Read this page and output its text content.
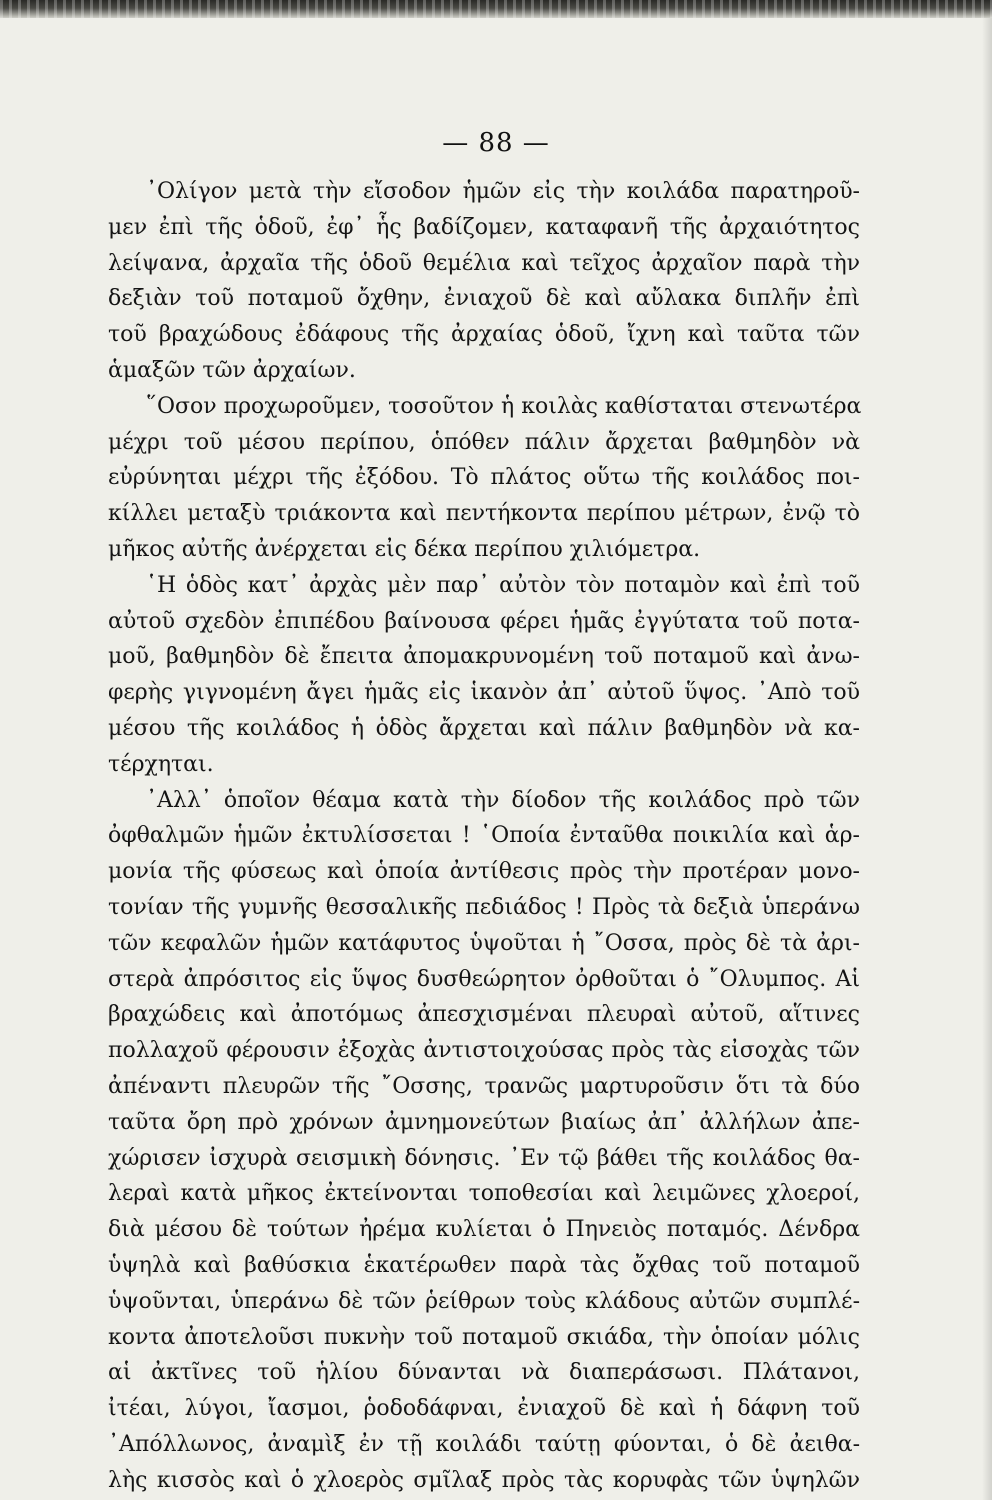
— 88 —

᾿Ολίγον μετὰ τὴν εἴσοδον ἡμῶν εἰς τὴν κοιλάδα παρατηροῦ-
μεν ἐπὶ τῆς ὁδοῦ, ἐφ᾿ ἧς βαδίζομεν, καταφανῆ τῆς ἀρχαιότητος
λείψανα, ἀρχαῖα τῆς ὁδοῦ θεμέλια καὶ τεῖχος ἀρχαῖον παρὰ τὴν
δεξιὰν τοῦ ποταμοῦ ὄχθην, ἐνιαχοῦ δὲ καὶ αὔλακα διπλῆν ἐπὶ
τοῦ βραχώδους ἐδάφους τῆς ἀρχαίας ὁδοῦ, ἴχνη καὶ ταῦτα τῶν
ἁμαξῶν τῶν ἀρχαίων.

῞Οσον προχωροῦμεν, τοσοῦτον ἡ κοιλὰς καθίσταται στενωτέρα
μέχρι τοῦ μέσου περίπου, ὁπόθεν πάλιν ἄρχεται βαθμηδὸν νὰ
εὐρύνηται μέχρι τῆς ἐξόδου. Τὸ πλάτος οὕτω τῆς κοιλάδος ποι-
κίλλει μεταξὺ τριάκοντα καὶ πεντήκοντα περίπου μέτρων, ἐνῷ τὸ
μῆκος αὐτῆς ἀνέρχεται εἰς δέκα περίπου χιλιόμετρα.

῾Η ὁδὸς κατ᾿ ἀρχὰς μὲν παρ᾿ αὐτὸν τὸν ποταμὸν καὶ ἐπὶ τοῦ
αὐτοῦ σχεδὸν ἐπιπέδου βαίνουσα φέρει ἡμᾶς ἐγγύτατα τοῦ ποτα-
μοῦ, βαθμηδὸν δὲ ἔπειτα ἀπομακρυνομένη τοῦ ποταμοῦ καὶ ἀνω-
φερὴς γιγνομένη ἄγει ἡμᾶς εἰς ἱκανὸν ἀπ᾿ αὐτοῦ ὕψος. ᾿Απὸ τοῦ
μέσου τῆς κοιλάδος ἡ ὁδὸς ἄρχεται καὶ πάλιν βαθμηδὸν νὰ κα-
τέρχηται.

᾿Αλλ᾿ ὁποῖον θέαμα κατὰ τὴν δίοδον τῆς κοιλάδος πρὸ τῶν
ὀφθαλμῶν ἡμῶν ἐκτυλίσσεται ! ῾Οποία ἐνταῦθα ποικιλία καὶ ἁρ-
μονία τῆς φύσεως καὶ ὁποία ἀντίθεσις πρὸς τὴν προτέραν μονο-
τονίαν τῆς γυμνῆς θεσσαλικῆς πεδιάδος ! Πρὸς τὰ δεξιὰ ὑπεράνω
τῶν κεφαλῶν ἡμῶν κατάφυτος ὑψοῦται ἡ ῎Οσσα, πρὸς δὲ τὰ ἀρι-
στερὰ ἀπρόσιτος εἰς ὕψος δυσθεώρητον ὀρθοῦται ὁ ῎Ολυμπος. Αἱ
βραχώδεις καὶ ἀποτόμως ἀπεσχισμέναι πλευραὶ αὐτοῦ, αἵτινες
πολλαχοῦ φέρουσιν ἐξοχὰς ἀντιστοιχούσας πρὸς τὰς εἰσοχὰς τῶν
ἀπέναντι πλευρῶν τῆς ῎Οσσης, τρανῶς μαρτυροῦσιν ὅτι τὰ δύο
ταῦτα ὄρη πρὸ χρόνων ἀμνημονεύτων βιαίως ἀπ᾿ ἀλλήλων ἀπε-
χώρισεν ἰσχυρὰ σεισμικὴ δόνησις. ᾿Εν τῷ βάθει τῆς κοιλάδος θα-
λεραὶ κατὰ μῆκος ἐκτείνονται τοποθεσίαι καὶ λειμῶνες χλοεροί,
διὰ μέσου δὲ τούτων ἠρέμα κυλίεται ὁ Πηνειὸς ποταμός. Δένδρα
ὑψηλὰ καὶ βαθύσκια ἑκατέρωθεν παρὰ τὰς ὄχθας τοῦ ποταμοῦ
ὑψοῦνται, ὑπεράνω δὲ τῶν ῥείθρων τοὺς κλάδους αὐτῶν συμπλέ-
κοντα ἀποτελοῦσι πυκνὴν τοῦ ποταμοῦ σκιάδα, τὴν ὁποίαν μόλις
αἱ ἀκτῖνες τοῦ ἡλίου δύνανται νὰ διαπεράσωσι. Πλάτανοι,
ἰτέαι, λύγοι, ἴασμοι, ῥοδοδάφναι, ἐνιαχοῦ δὲ καὶ ἡ δάφνη τοῦ
᾿Απόλλωνος, ἀναμὶξ ἐν τῇ κοιλάδι ταύτῃ φύονται, ὁ δὲ ἀειθα-
λὴς κισσὸς καὶ ὁ χλοερὸς σμῖλαξ πρὸς τὰς κορυφὰς τῶν ὑψηλῶν
